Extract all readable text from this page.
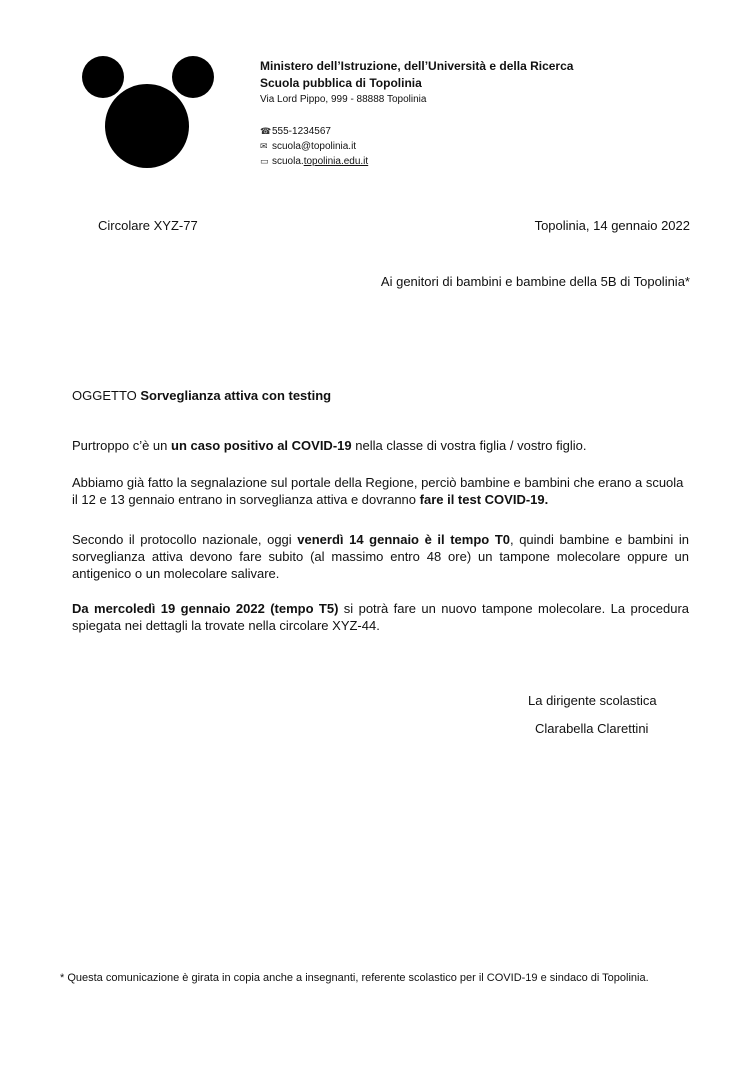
Ministero dell’Istruzione, dell’Università e della Ricerca
Scuola pubblica di Topolinia
Via Lord Pippo, 999 - 88888 Topolinia
☎555-1234567
✉ scuola@topolinia.it
▭ scuola.topolinia.edu.it
Circolare XYZ-77	Topolinia, 14 gennaio 2022
Ai genitori di bambini e bambine della 5B di Topolinia*
OGGETTO Sorveglianza attiva con testing
Purtroppo c’è un un caso positivo al COVID-19 nella classe di vostra figlia / vostro figlio.
Abbiamo già fatto la segnalazione sul portale della Regione, perciò bambine e bambini che erano a scuola il 12 e 13 gennaio entrano in sorveglianza attiva e dovranno fare il test COVID-19.
Secondo il protocollo nazionale, oggi venerdì 14 gennaio è il tempo T0, quindi bambine e bambini in sorveglianza attiva devono fare subito (al massimo entro 48 ore) un tampone molecolare oppure un antigenico o un molecolare salivare.
Da mercoledì 19 gennaio 2022 (tempo T5) si potrà fare un nuovo tampone molecolare. La procedura spiegata nei dettagli la trovate nella circolare XYZ-44.
La dirigente scolastica
Clarabella Clarettini
* Questa comunicazione è girata in copia anche a insegnanti, referente scolastico per il COVID-19 e sindaco di Topolinia.
